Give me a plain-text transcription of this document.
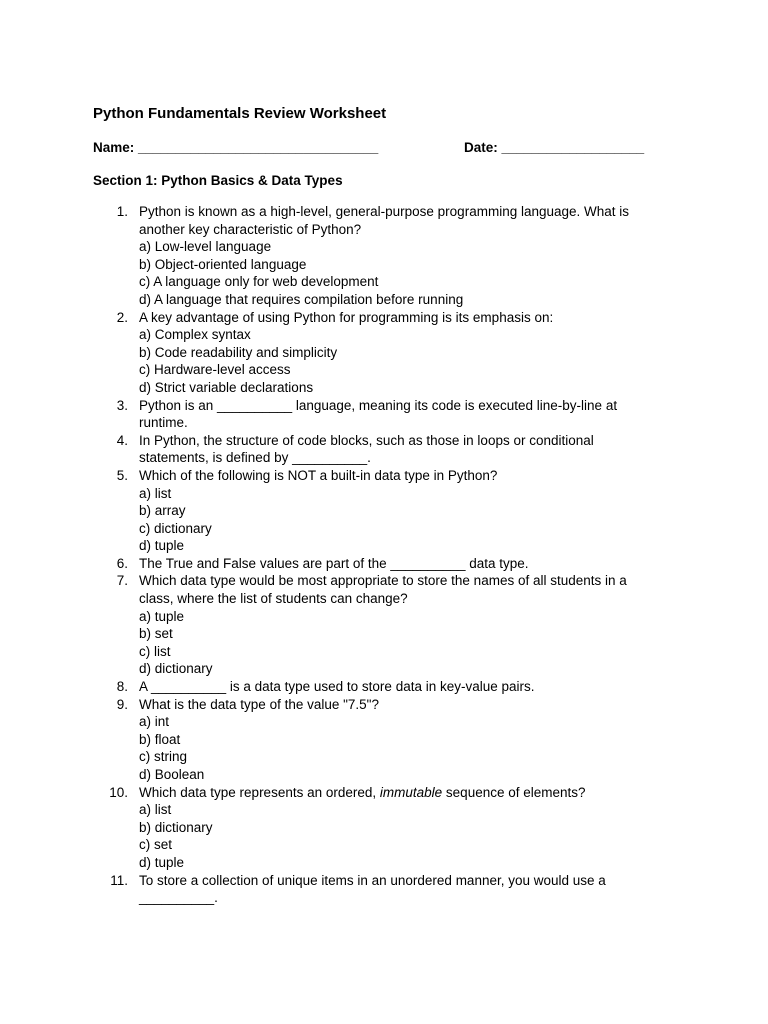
Python Fundamentals Review Worksheet
Name: ________________________________	Date: ___________________
Section 1: Python Basics & Data Types
1. Python is known as a high-level, general-purpose programming language. What is another key characteristic of Python?
a) Low-level language
b) Object-oriented language
c) A language only for web development
d) A language that requires compilation before running
2. A key advantage of using Python for programming is its emphasis on:
a) Complex syntax
b) Code readability and simplicity
c) Hardware-level access
d) Strict variable declarations
3. Python is an __________ language, meaning its code is executed line-by-line at runtime.
4. In Python, the structure of code blocks, such as those in loops or conditional statements, is defined by __________.
5. Which of the following is NOT a built-in data type in Python?
a) list
b) array
c) dictionary
d) tuple
6. The True and False values are part of the __________ data type.
7. Which data type would be most appropriate to store the names of all students in a class, where the list of students can change?
a) tuple
b) set
c) list
d) dictionary
8. A __________ is a data type used to store data in key-value pairs.
9. What is the data type of the value "7.5"?
a) int
b) float
c) string
d) Boolean
10. Which data type represents an ordered, immutable sequence of elements?
a) list
b) dictionary
c) set
d) tuple
11. To store a collection of unique items in an unordered manner, you would use a __________.
